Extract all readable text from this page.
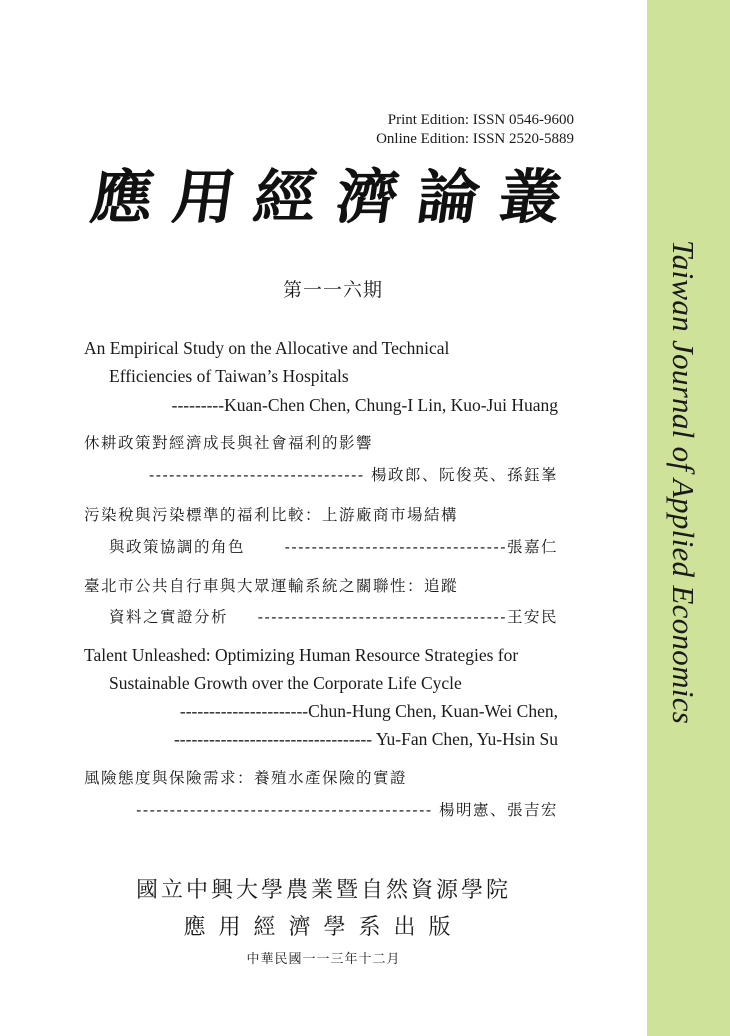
Taiwan Journal of Applied Economics
Print Edition: ISSN 0546-9600
Online Edition: ISSN 2520-5889
應 用 經 濟 論 叢
第一一六期
An Empirical Study on the Allocative and Technical
Efficiencies of Taiwan’s Hospitals
---------Kuan-Chen Chen, Chung-I Lin, Kuo-Jui Huang
休耕政策對經濟成長與社會福利的影響
-------------------------------- 楊政郎、阮俊英、孫鈺峯
污染稅與污染標準的福利比較：上游廠商市場結構
與政策協調的角色	---------------------------------張嘉仁
臺北市公共自行車與大眾運輸系統之關聯性：追蹤
資料之實證分析 -------------------------------------王安民
Talent Unleashed: Optimizing Human Resource Strategies for
Sustainable Growth over the Corporate Life Cycle
----------------------Chun-Hung Chen, Kuan-Wei Chen,
---------------------------------- Yu-Fan Chen, Yu-Hsin Su
風險態度與保險需求：養殖水產保險的實證
-------------------------------------------- 楊明憲、張吉宏
國立中興大學農業暨自然資源學院
應用經濟學系出版
中華民國一一三年十二月
